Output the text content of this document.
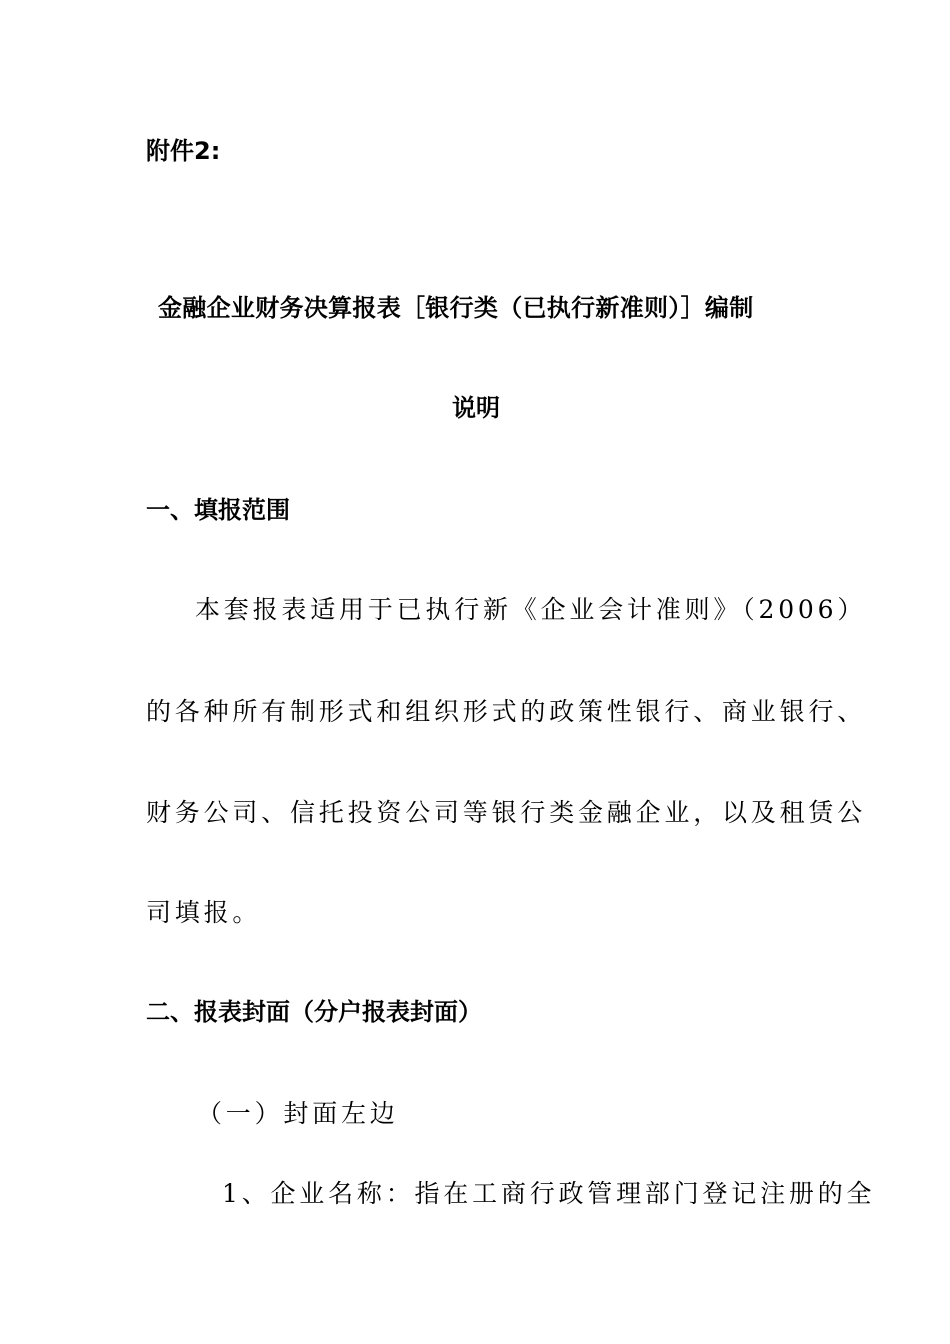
附件2:
金融企业财务决算报表［银行类（已执行新准则）］编制
说明
一、填报范围
本套报表适用于已执行新《企业会计准则》（2006）
的各种所有制形式和组织形式的政策性银行、商业银行、
财务公司、信托投资公司等银行类金融企业，以及租赁公
司填报。
二、报表封面（分户报表封面）
（一）封面左边
1、企业名称：指在工商行政管理部门登记注册的全
